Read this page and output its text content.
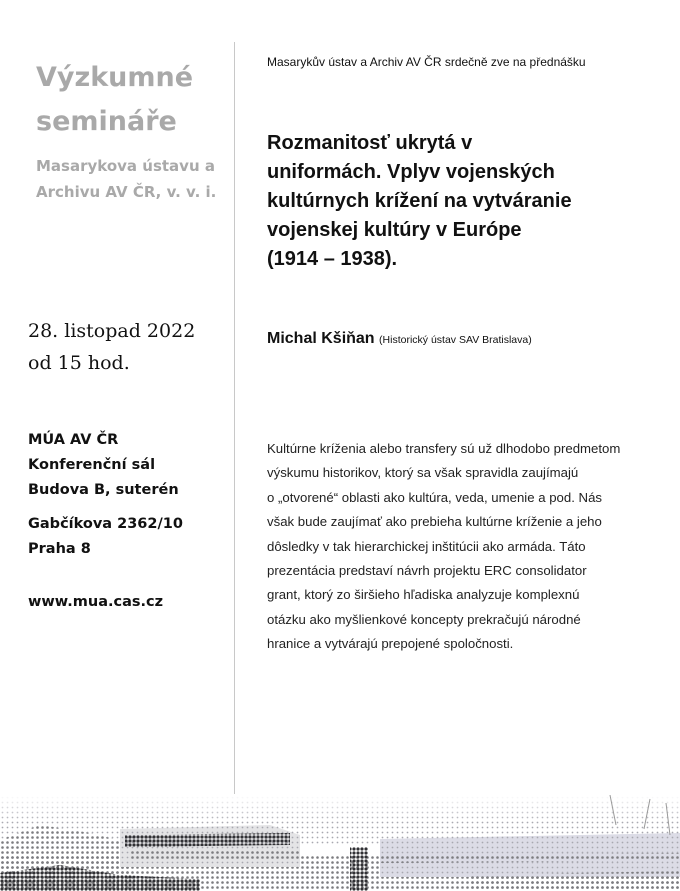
Výzkumné
semináře
Masarykova ústavu a
Archivu AV ČR, v. v. i.
28. listopad 2022
od 15 hod.
MÚA AV ČR
Konferenční sál
Budova B, suterén
Gabčíkova 2362/10
Praha 8
www.mua.cas.cz
Masarykův ústav a Archiv AV ČR srdečně zve na přednášku
Rozmanitosť ukrytá v
uniformách. Vplyv vojenských
kultúrnych krížení na vytváranie
vojenskej kultúry v Európe
(1914 – 1938).
Michal Kšiňan (Historický ústav SAV Bratislava)
Kultúrne kríženia alebo transfery sú už dlhodobo predmetom
výskumu historikov, ktorý sa však spravidla zaujímajú
o „otvorené“ oblasti ako kultúra, veda, umenie a pod. Nás
však bude zaujímať ako prebieha kultúrne kríženie a jeho
dôsledky v tak hierarchickej inštitúcii ako armáda. Táto
prezentácia predstaví návrh projektu ERC consolidator
grant, ktorý zo širšieho hľadiska analyzuje komplexnú
otázku ako myšlienkové koncepty prekračujú národné
hranice a vytvárajú prepojené spoločnosti.
